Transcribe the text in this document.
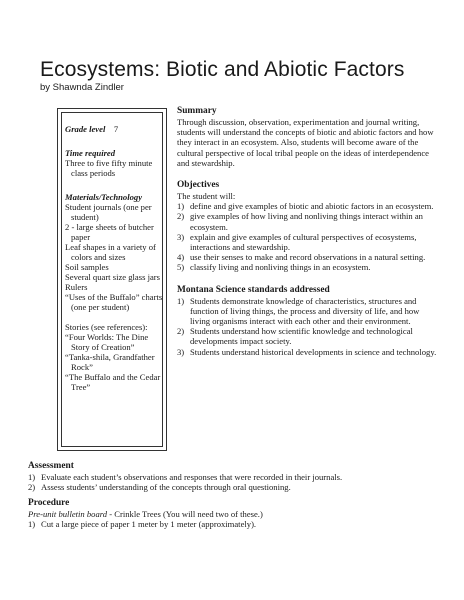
Ecosystems: Biotic and Abiotic Factors
by Shawnda Zindler
Grade level 7
Time required
Three to five fifty minute
class periods
Materials/Technology
Student journals (one per
student)
2 - large sheets of butcher
paper
Leaf shapes in a variety of
colors and sizes
Soil samples
Several quart size glass jars
Rulers
“Uses of the Buffalo” charts
(one per student)
Stories (see references):
“Four Worlds: The Dine
Story of Creation”
“Tanka-shila, Grandfather
Rock”
“The Buffalo and the Cedar
Tree”
Summary

Through discussion, observation, experimentation and journal writing, students will understand the concepts of biotic and abiotic factors and how they interact in an ecosystem. Also, students will become aware of the cultural perspective of local tribal people on the ideas of interdependence and stewardship.

Objectives

The student will:

1) define and give examples of biotic and abiotic factors in an ecosystem.
2) give examples of how living and nonliving things interact within an ecosystem.
3) explain and give examples of cultural perspectives of ecosystems, interactions and stewardship.
4) use their senses to make and record observations in a natural setting.
5) classify living and nonliving things in an ecosystem.
Montana Science standards addressed
1) Students demonstrate knowledge of characteristics, structures and function of living things, the process and diversity of life, and how living organisms interact with each other and their environment.
2) Students understand how scientific knowledge and technological developments impact society.
3) Students understand historical developments in science and technology.
Assessment
1) Evaluate each student’s observations and responses that were recorded in their journals.
2) Assess students’ understanding of the concepts through oral questioning.
Procedure
Pre-unit bulletin board - Crinkle Trees (You will need two of these.)
1) Cut a large piece of paper 1 meter by 1 meter (approximately).
